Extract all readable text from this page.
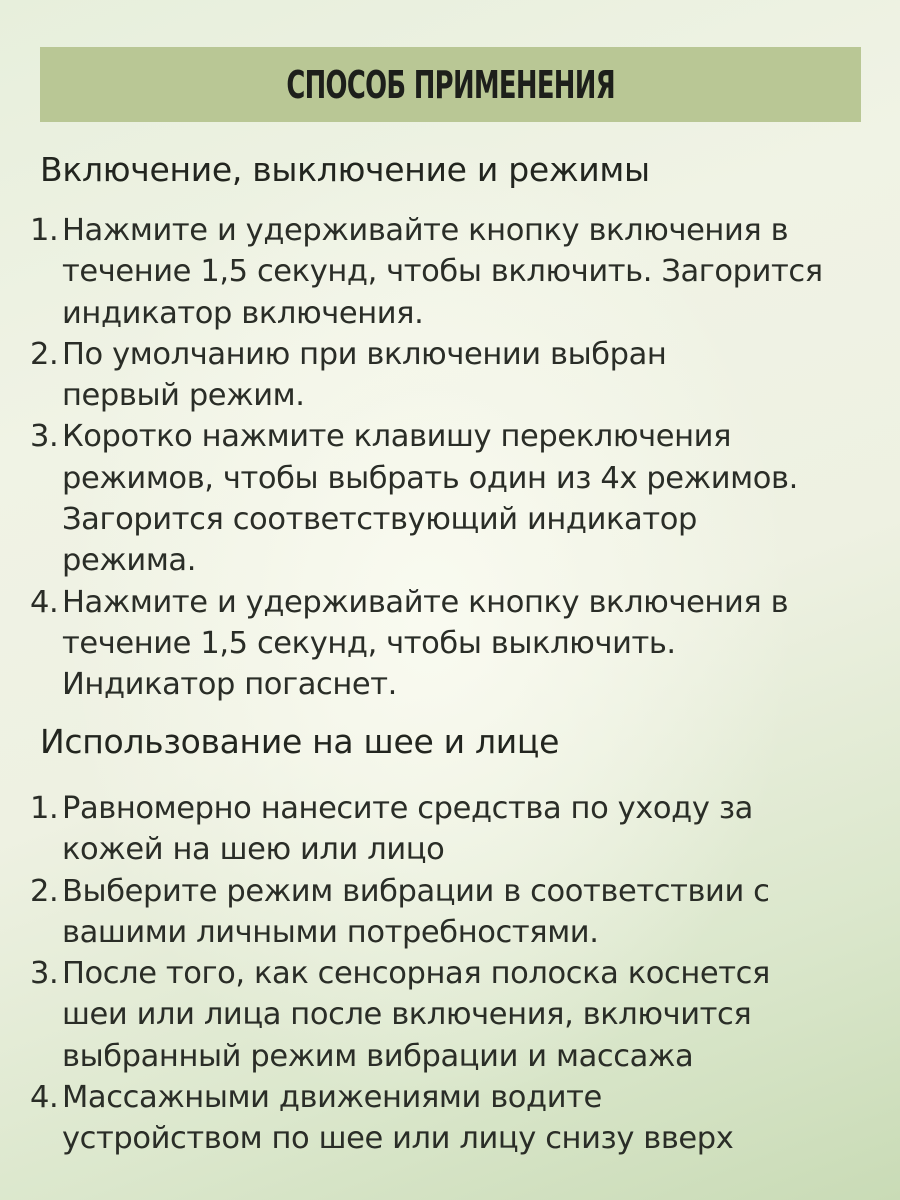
СПОСОБ ПРИМЕНЕНИЯ
Включение, выключение и режимы
1. Нажмите и удерживайте кнопку включения в
течение 1,5 секунд, чтобы включить. Загорится
индикатор включения.
2. По умолчанию при включении выбран
первый режим.
3. Коротко нажмите клавишу переключения
режимов, чтобы выбрать один из 4х режимов.
Загорится соответствующий индикатор
режима.
4. Нажмите и удерживайте кнопку включения в
течение 1,5 секунд, чтобы выключить.
Индикатор погаснет.
Использование на шее и лице
1. Равномерно нанесите средства по уходу за
кожей на шею или лицо
2. Выберите режим вибрации в соответствии с
вашими личными потребностями.
3. После того, как сенсорная полоска коснется
шеи или лица после включения, включится
выбранный режим вибрации и массажа
4. Массажными движениями водите
устройством по шее или лицу снизу вверх
